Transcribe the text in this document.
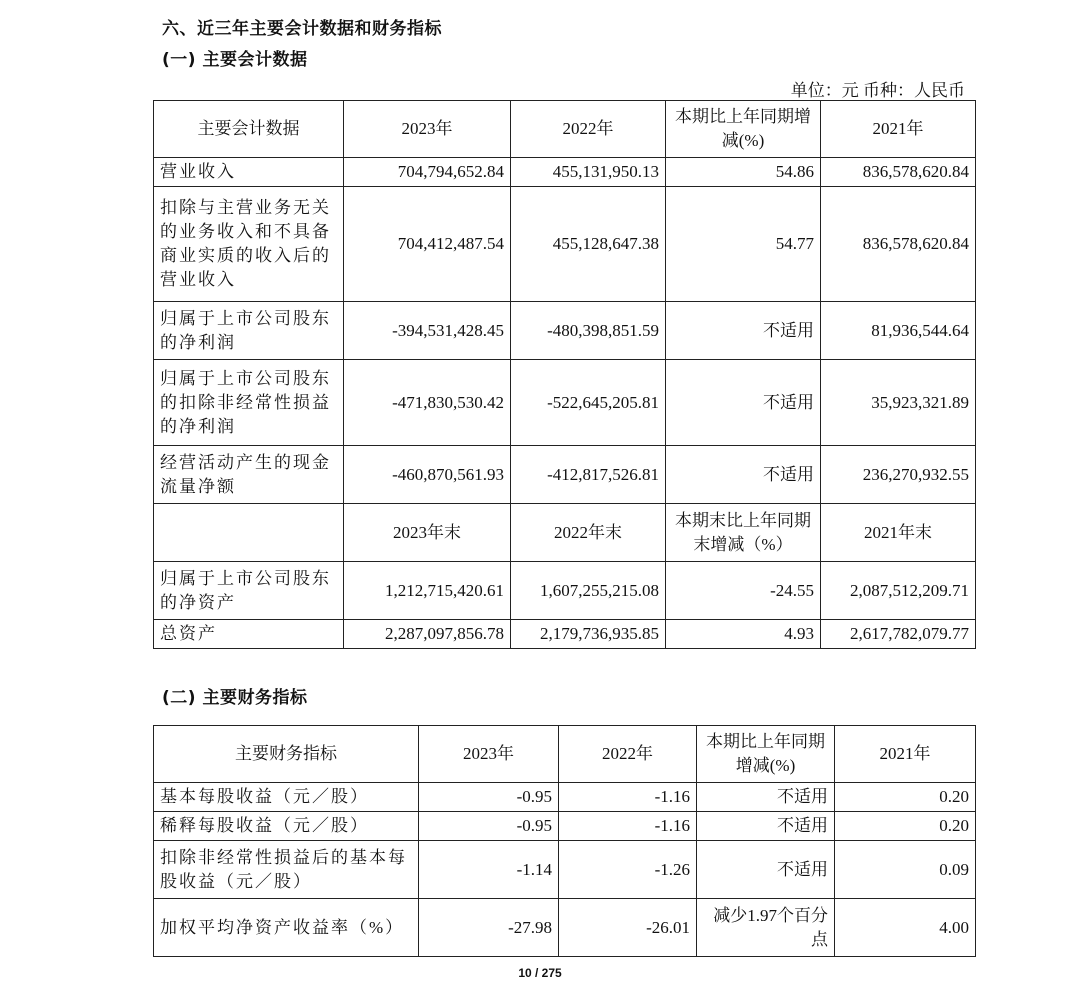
六、近三年主要会计数据和财务指标
(一) 主要会计数据
单位：元 币种：人民币
主要会计数据	2023年	2022年	本期比上年同期增减(%)	2021年
营业收入	704,794,652.84	455,131,950.13	54.86	836,578,620.84
扣除与主营业务无关的业务收入和不具备商业实质的收入后的营业收入	704,412,487.54	455,128,647.38	54.77	836,578,620.84
归属于上市公司股东的净利润	-394,531,428.45	-480,398,851.59	不适用	81,936,544.64
归属于上市公司股东的扣除非经常性损益的净利润	-471,830,530.42	-522,645,205.81	不适用	35,923,321.89
经营活动产生的现金流量净额	-460,870,561.93	-412,817,526.81	不适用	236,270,932.55
	2023年末	2022年末	本期末比上年同期末增减（%）	2021年末
归属于上市公司股东的净资产	1,212,715,420.61	1,607,255,215.08	-24.55	2,087,512,209.71
总资产	2,287,097,856.78	2,179,736,935.85	4.93	2,617,782,079.77
(二) 主要财务指标
主要财务指标	2023年	2022年	本期比上年同期增减(%)	2021年
基本每股收益（元／股）	-0.95	-1.16	不适用	0.20
稀释每股收益（元／股）	-0.95	-1.16	不适用	0.20
扣除非经常性损益后的基本每股收益（元／股）	-1.14	-1.26	不适用	0.09
加权平均净资产收益率（%）	-27.98	-26.01	减少1.97个百分点	4.00
10 / 275
